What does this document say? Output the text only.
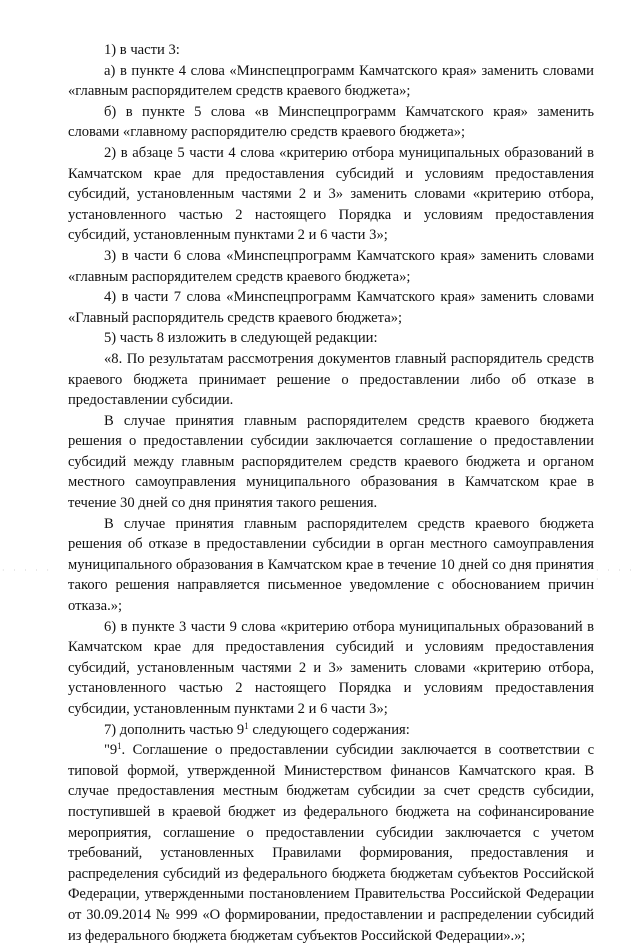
1) в части 3:

а) в пункте 4 слова «Минспецпрограмм Камчатского края» заменить словами «главным распорядителем средств краевого бюджета»;

б) в пункте 5 слова «в Минспецпрограмм Камчатского края» заменить словами «главному распорядителю средств краевого бюджета»;

2) в абзаце 5 части 4 слова «критерию отбора муниципальных образований в Камчатском крае для предоставления субсидий и условиям предоставления субсидий, установленным частями 2 и 3» заменить словами «критерию отбора, установленного частью 2 настоящего Порядка и условиям предоставления субсидий, установленным пунктами 2 и 6 части 3»;

3) в части 6 слова «Минспецпрограмм Камчатского края» заменить словами «главным распорядителем средств краевого бюджета»;

4) в части 7 слова «Минспецпрограмм Камчатского края» заменить словами «Главный распорядитель средств краевого бюджета»;

5) часть 8 изложить в следующей редакции:

«8. По результатам рассмотрения документов главный распорядитель средств краевого бюджета принимает решение о предоставлении либо об отказе в предоставлении субсидии.

В случае принятия главным распорядителем средств краевого бюджета решения о предоставлении субсидии заключается соглашение о предоставлении субсидий между главным распорядителем средств краевого бюджета и органом местного самоуправления муниципального образования в Камчатском крае в течение 30 дней со дня принятия такого решения.

В случае принятия главным распорядителем средств краевого бюджета решения об отказе в предоставлении субсидии в орган местного самоуправления муниципального образования в Камчатском крае в течение 10 дней со дня принятия такого решения направляется письменное уведомление с обоснованием причин отказа.»;

6) в пункте 3 части 9 слова «критерию отбора муниципальных образований в Камчатском крае для предоставления субсидий и условиям предоставления субсидий, установленным частями 2 и 3» заменить словами «критерию отбора, установленного частью 2 настоящего Порядка и условиям предоставления субсидии, установленным пунктами 2 и 6 части 3»;

7) дополнить частью $9^1$ следующего содержания:

"$9^1$. Соглашение о предоставлении субсидии заключается в соответствии с типовой формой, утвержденной Министерством финансов Камчатского края. В случае предоставления местным бюджетам субсидии за счет средств субсидии, поступившей в краевой бюджет из федерального бюджета на софинансирование мероприятия, соглашение о предоставлении субсидии заключается с учетом требований, установленных Правилами формирования, предоставления и распределения субсидий из федерального бюджета бюджетам субъектов Российской Федерации, утвержденными постановлением Правительства Российской Федерации от 30.09.2014 № 999 «О формировании, предоставлении и распределении субсидий из федерального бюджета бюджетам субъектов Российской Федерации».»;

· · · · ·	· · · · ·
